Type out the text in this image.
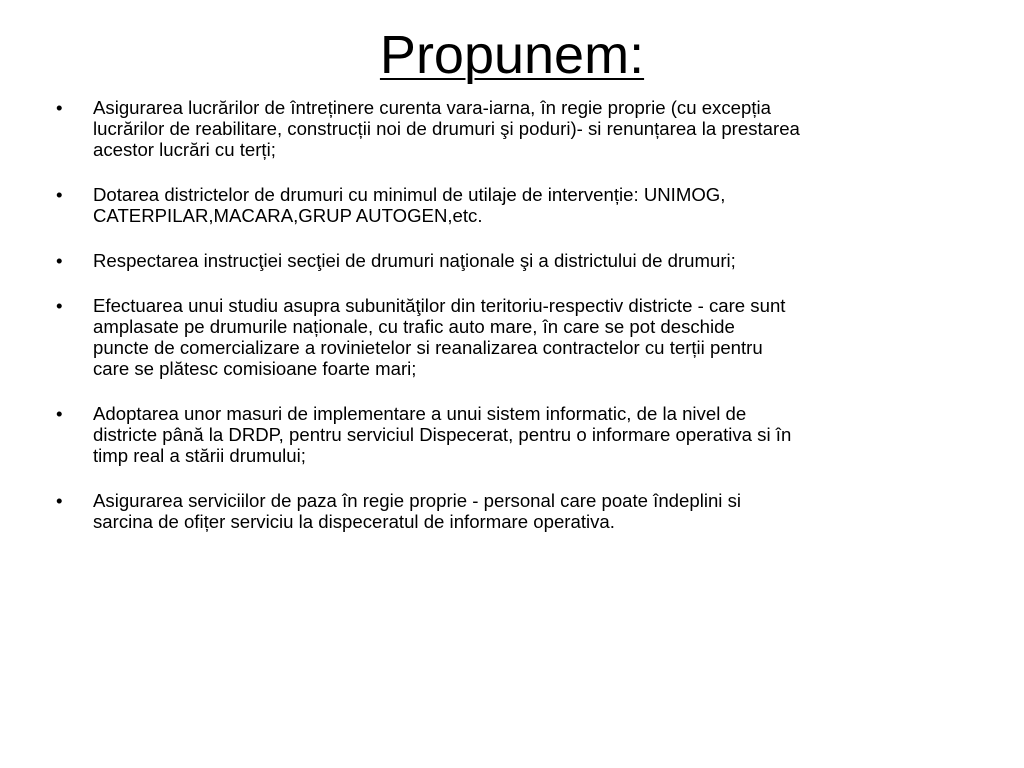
Propunem:
•	Asigurarea lucrărilor de întreținere curenta vara-iarna, în regie proprie (cu excepția
lucrărilor de reabilitare, construcții noi de drumuri şi poduri)- si renunțarea la prestarea
acestor lucrări cu terți;
•	Dotarea districtelor de drumuri cu minimul de utilaje de intervenție: UNIMOG,
CATERPILAR,MACARA,GRUP AUTOGEN,etc.
•	Respectarea instrucţiei secţiei de drumuri naţionale şi a districtului de drumuri;
•	Efectuarea unui studiu asupra subunităţilor din teritoriu-respectiv districte - care sunt
amplasate pe drumurile naționale, cu trafic auto mare, în care se pot deschide
puncte de comercializare a rovinietelor si reanalizarea contractelor cu terții pentru
care se plătesc comisioane foarte mari;
•	Adoptarea unor masuri de implementare a unui sistem informatic, de la nivel de
districte până la DRDP, pentru serviciul Dispecerat, pentru o informare operativa si în
timp real a stării drumului;
•	Asigurarea serviciilor de paza în regie proprie - personal care poate îndeplini si
sarcina de ofițer serviciu la dispeceratul de informare operativa.
